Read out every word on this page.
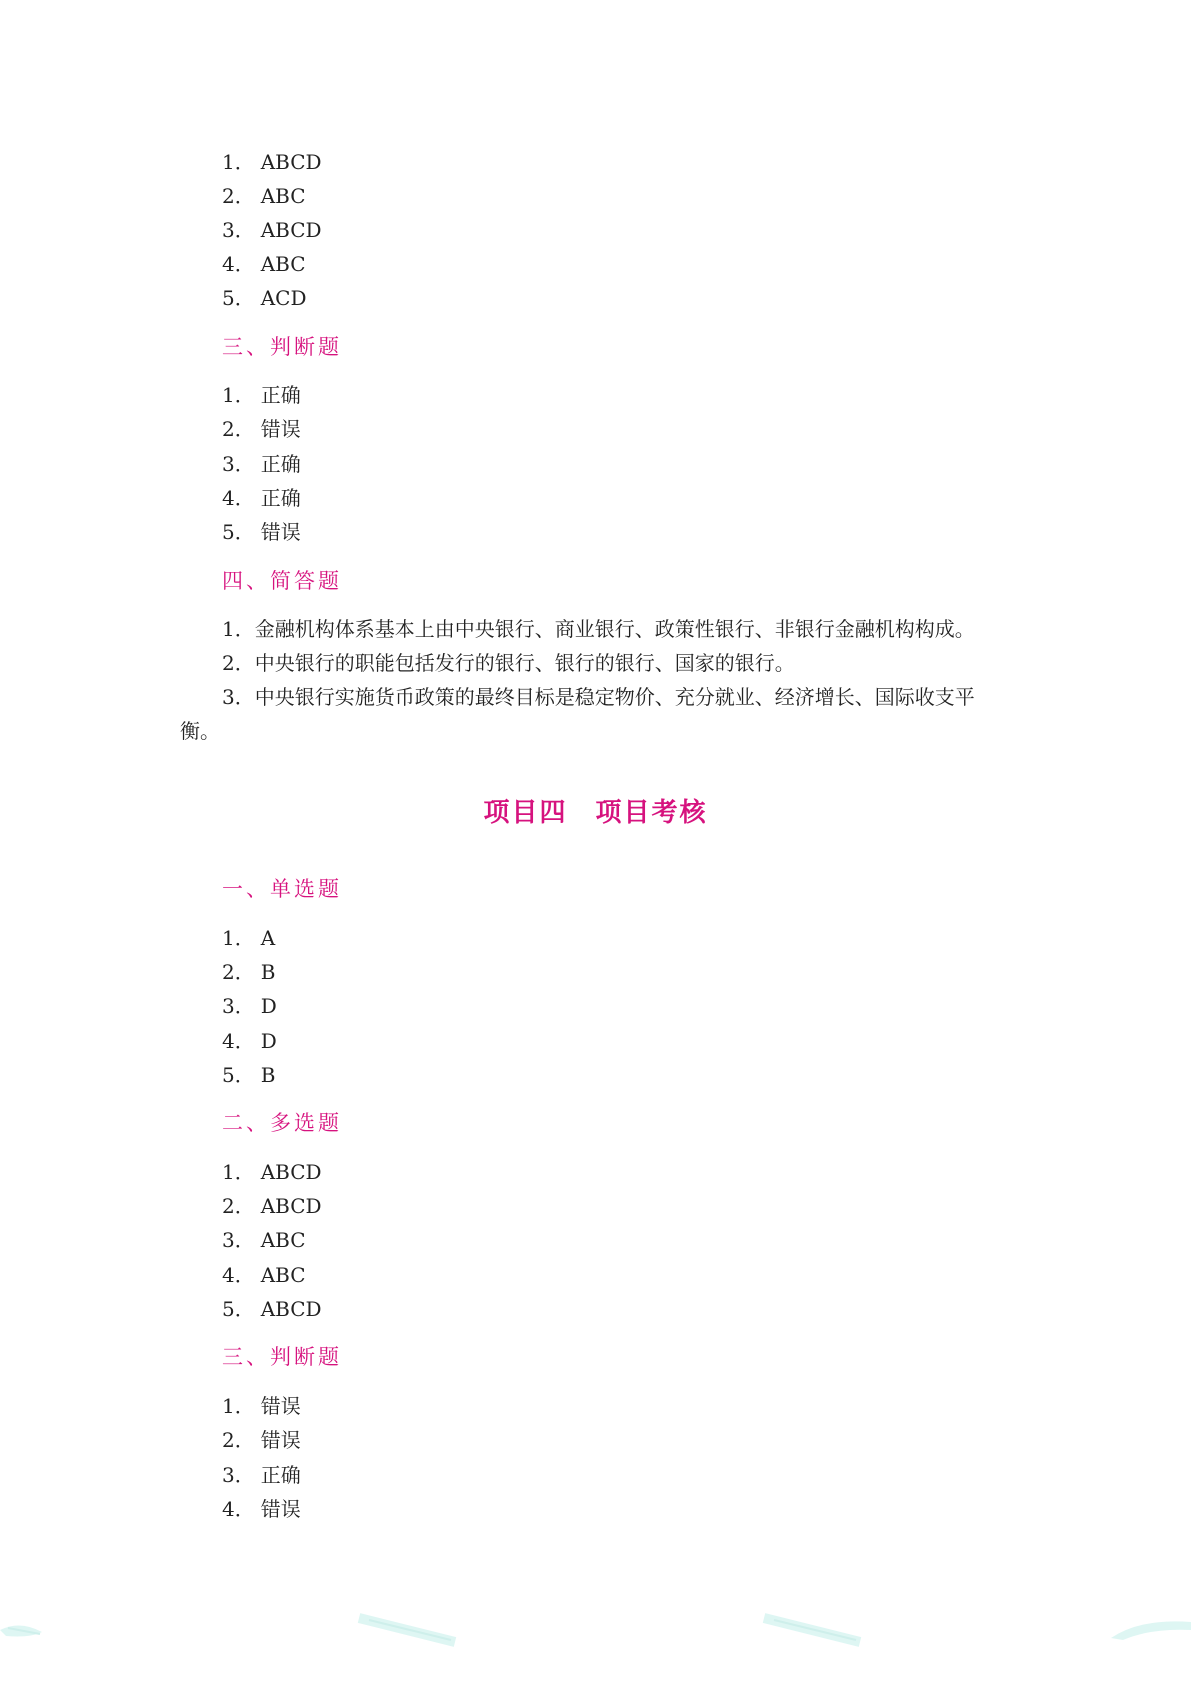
1． ABCD
2． ABC
3． ABCD
4． ABC
5． ACD
三、判断题
1． 正确
2． 错误
3． 正确
4． 正确
5． 错误
四、简答题
1．金融机构体系基本上由中央银行、商业银行、政策性银行、非银行金融机构构成。
2．中央银行的职能包括发行的银行、银行的银行、国家的银行。
3．中央银行实施货币政策的最终目标是稳定物价、充分就业、经济增长、国际收支平衡。
项目四　项目考核
一、单选题
1． A
2． B
3． D
4． D
5． B
二、多选题
1． ABCD
2． ABCD
3． ABC
4． ABC
5． ABCD
三、判断题
1． 错误
2． 错误
3． 正确
4． 错误
